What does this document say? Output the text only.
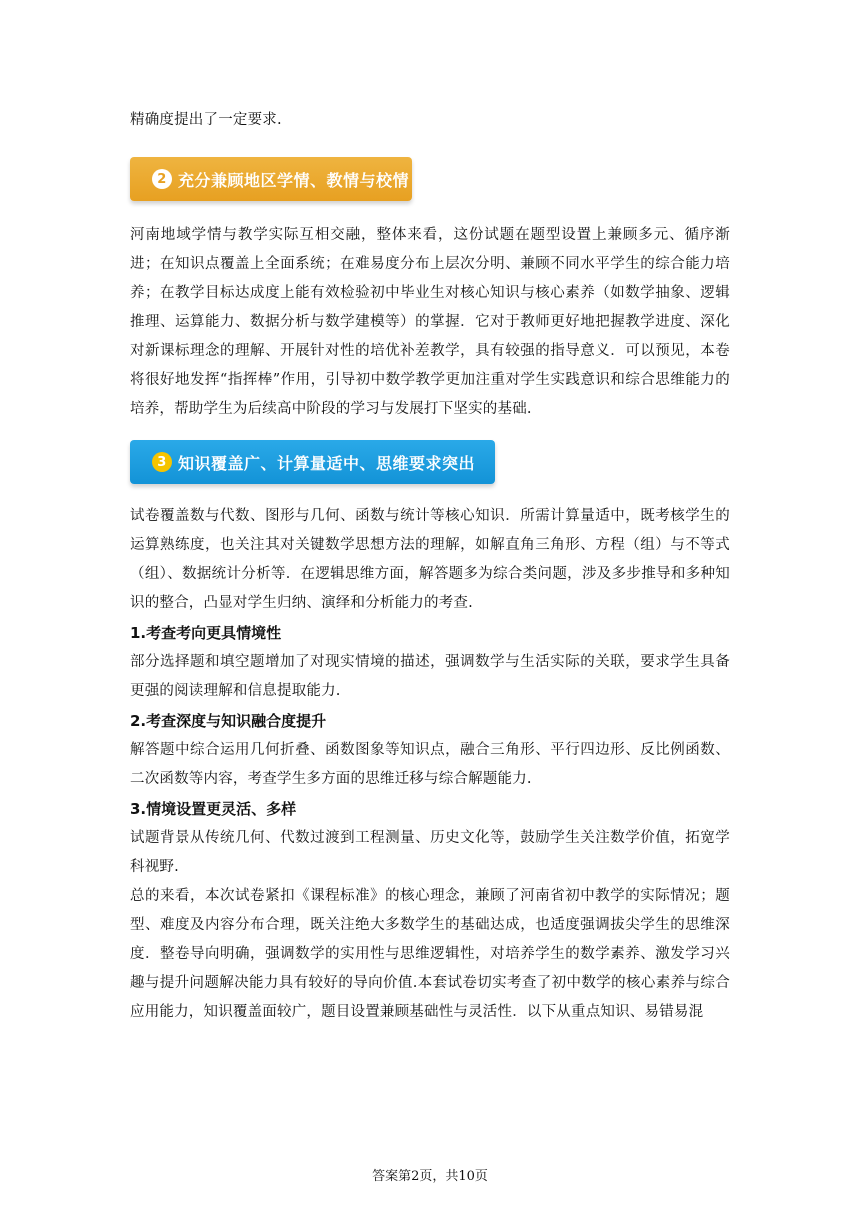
精确度提出了一定要求.

2 充分兼顾地区学情、教情与校情

河南地域学情与教学实际互相交融，整体来看，这份试题在题型设置上兼顾多元、循序渐进；在知识点覆盖上全面系统；在难易度分布上层次分明、兼顾不同水平学生的综合能力培养；在教学目标达成度上能有效检验初中毕业生对核心知识与核心素养（如数学抽象、逻辑推理、运算能力、数据分析与数学建模等）的掌握．它对于教师更好地把握教学进度、深化对新课标理念的理解、开展针对性的培优补差教学，具有较强的指导意义．可以预见，本卷将很好地发挥“指挥棒”作用，引导初中数学教学更加注重对学生实践意识和综合思维能力的培养，帮助学生为后续高中阶段的学习与发展打下坚实的基础.

3 知识覆盖广、计算量适中、思维要求突出

试卷覆盖数与代数、图形与几何、函数与统计等核心知识．所需计算量适中，既考核学生的运算熟练度，也关注其对关键数学思想方法的理解，如解直角三角形、方程（组）与不等式（组）、数据统计分析等．在逻辑思维方面，解答题多为综合类问题，涉及多步推导和多种知识的整合，凸显对学生归纳、演绎和分析能力的考查.

1.考查考向更具情境性

部分选择题和填空题增加了对现实情境的描述，强调数学与生活实际的关联，要求学生具备更强的阅读理解和信息提取能力.

2.考查深度与知识融合度提升

解答题中综合运用几何折叠、函数图象等知识点，融合三角形、平行四边形、反比例函数、二次函数等内容，考查学生多方面的思维迁移与综合解题能力.

3.情境设置更灵活、多样

试题背景从传统几何、代数过渡到工程测量、历史文化等，鼓励学生关注数学价值，拓宽学科视野.

总的来看，本次试卷紧扣《课程标准》的核心理念，兼顾了河南省初中教学的实际情况；题型、难度及内容分布合理，既关注绝大多数学生的基础达成，也适度强调拔尖学生的思维深度．整卷导向明确，强调数学的实用性与思维逻辑性，对培养学生的数学素养、激发学习兴趣与提升问题解决能力具有较好的导向价值.本套试卷切实考查了初中数学的核心素养与综合应用能力，知识覆盖面较广，题目设置兼顾基础性与灵活性．以下从重点知识、易错易混

答案第2页，共10页
